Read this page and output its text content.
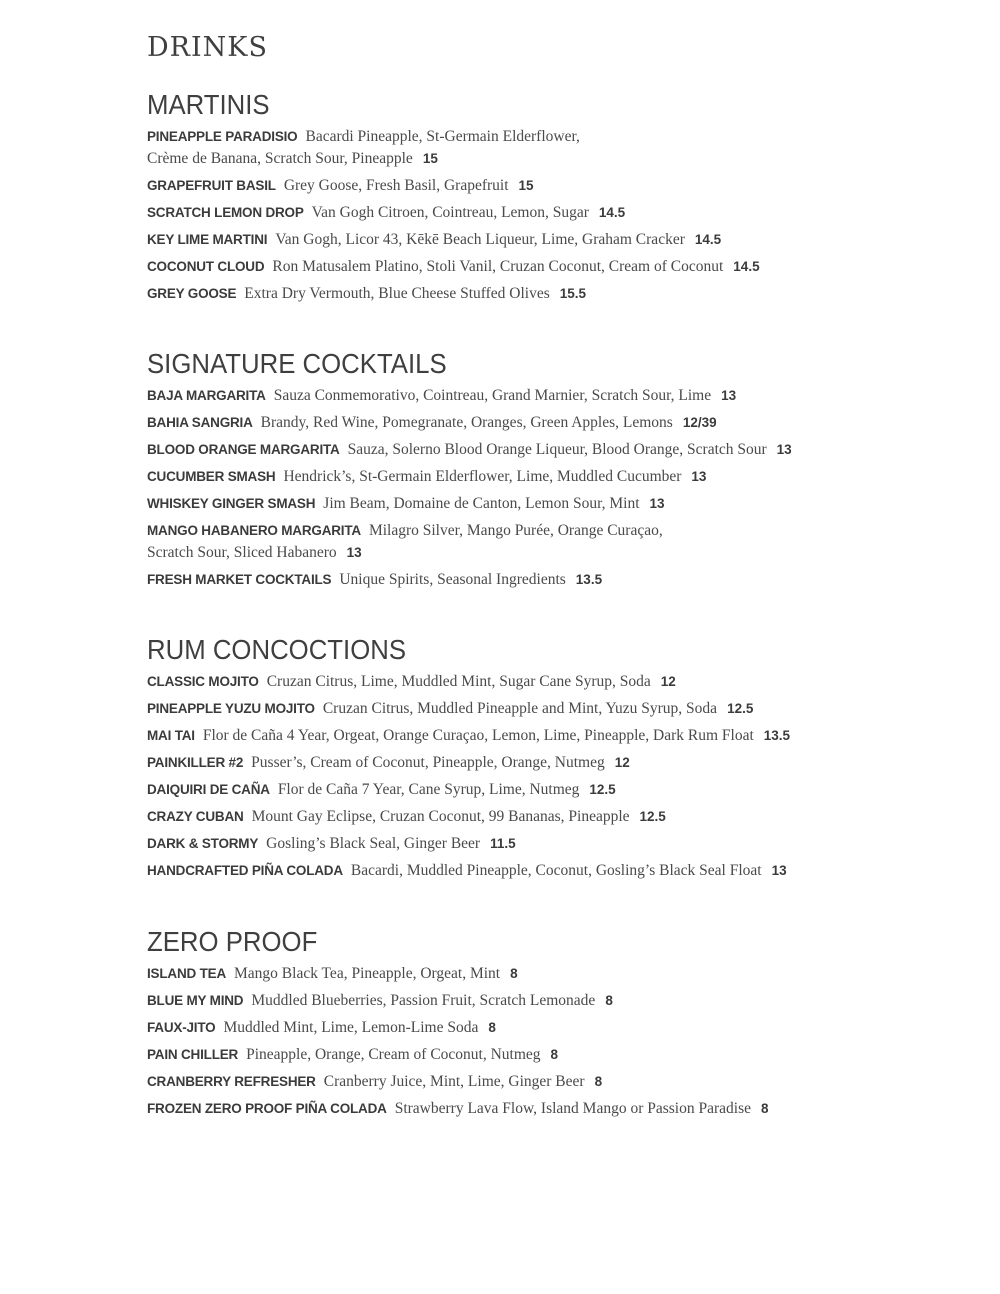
DRINKS
MARTINIS

PINEAPPLE PARADISIO Bacardi Pineapple, St-Germain Elderflower,
Crème de Banana, Scratch Sour, Pineapple 15

GRAPEFRUIT BASIL Grey Goose, Fresh Basil, Grapefruit 15

SCRATCH LEMON DROP Van Gogh Citroen, Cointreau, Lemon, Sugar 14.5

KEY LIME MARTINI Van Gogh, Licor 43, Kēkē Beach Liqueur, Lime, Graham Cracker 14.5

COCONUT CLOUD Ron Matusalem Platino, Stoli Vanil, Cruzan Coconut, Cream of Coconut 14.5

GREY GOOSE Extra Dry Vermouth, Blue Cheese Stuffed Olives 15.5

SIGNATURE COCKTAILS

BAJA MARGARITA Sauza Conmemorativo, Cointreau, Grand Marnier, Scratch Sour, Lime 13

BAHIA SANGRIA Brandy, Red Wine, Pomegranate, Oranges, Green Apples, Lemons 12/39

BLOOD ORANGE MARGARITA Sauza, Solerno Blood Orange Liqueur, Blood Orange, Scratch Sour 13

CUCUMBER SMASH Hendrick’s, St-Germain Elderflower, Lime, Muddled Cucumber 13

WHISKEY GINGER SMASH Jim Beam, Domaine de Canton, Lemon Sour, Mint 13

MANGO HABANERO MARGARITA Milagro Silver, Mango Purée, Orange Curaçao,
Scratch Sour, Sliced Habanero 13

FRESH MARKET COCKTAILS Unique Spirits, Seasonal Ingredients 13.5

RUM CONCOCTIONS

CLASSIC MOJITO Cruzan Citrus, Lime, Muddled Mint, Sugar Cane Syrup, Soda 12

PINEAPPLE YUZU MOJITO Cruzan Citrus, Muddled Pineapple and Mint, Yuzu Syrup, Soda 12.5

MAI TAI Flor de Caña 4 Year, Orgeat, Orange Curaçao, Lemon, Lime, Pineapple, Dark Rum Float 13.5

PAINKILLER #2 Pusser’s, Cream of Coconut, Pineapple, Orange, Nutmeg 12

DAIQUIRI DE CAÑA Flor de Caña 7 Year, Cane Syrup, Lime, Nutmeg 12.5

CRAZY CUBAN Mount Gay Eclipse, Cruzan Coconut, 99 Bananas, Pineapple 12.5

DARK & STORMY Gosling’s Black Seal, Ginger Beer 11.5

HANDCRAFTED PIÑA COLADA Bacardi, Muddled Pineapple, Coconut, Gosling’s Black Seal Float 13

ZERO PROOF

ISLAND TEA Mango Black Tea, Pineapple, Orgeat, Mint 8

BLUE MY MIND Muddled Blueberries, Passion Fruit, Scratch Lemonade 8

FAUX-JITO Muddled Mint, Lime, Lemon-Lime Soda 8

PAIN CHILLER Pineapple, Orange, Cream of Coconut, Nutmeg 8

CRANBERRY REFRESHER Cranberry Juice, Mint, Lime, Ginger Beer 8

FROZEN ZERO PROOF PIÑA COLADA Strawberry Lava Flow, Island Mango or Passion Paradise 8
